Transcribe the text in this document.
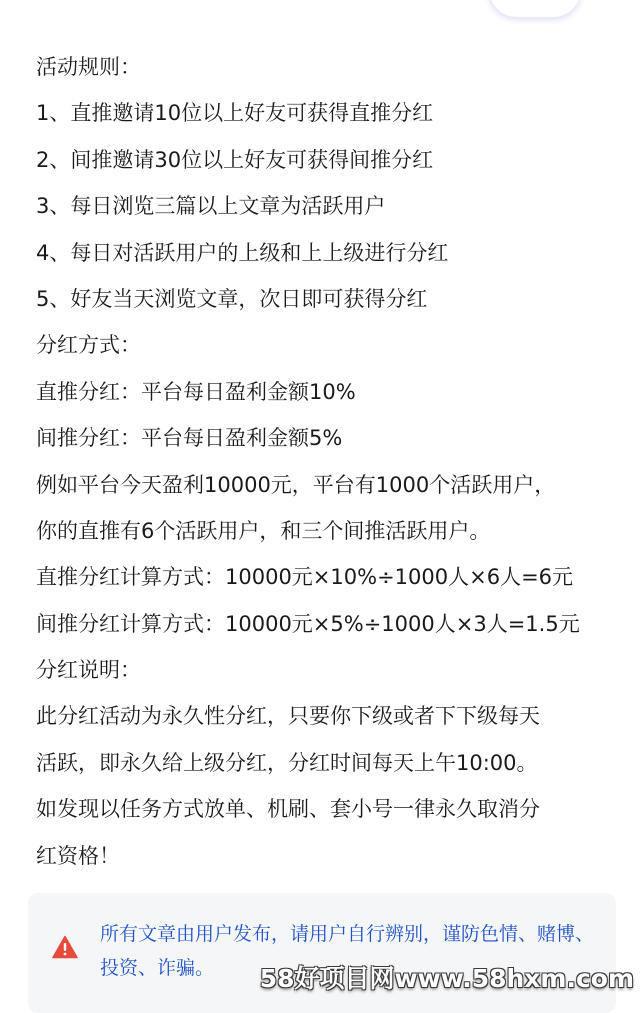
活动规则：
1、直推邀请10位以上好友可获得直推分红
2、间推邀请30位以上好友可获得间推分红
3、每日浏览三篇以上文章为活跃用户
4、每日对活跃用户的上级和上上级进行分红
5、好友当天浏览文章，次日即可获得分红
分红方式：
直推分红：平台每日盈利金额10%
间推分红：平台每日盈利金额5%
例如平台今天盈利10000元，平台有1000个活跃用户，
你的直推有6个活跃用户，和三个间推活跃用户。
直推分红计算方式：10000元×10%÷1000人×6人=6元
间推分红计算方式：10000元×5%÷1000人×3人=1.5元
分红说明：
此分红活动为永久性分红，只要你下级或者下下级每天
活跃，即永久给上级分红，分红时间每天上午10:00。
如发现以任务方式放单、机刷、套小号一律永久取消分
红资格！
所有文章由用户发布，请用户自行辨别，谨防色情、赌博、投资、诈骗。	58好项目网www.58hxm.com
